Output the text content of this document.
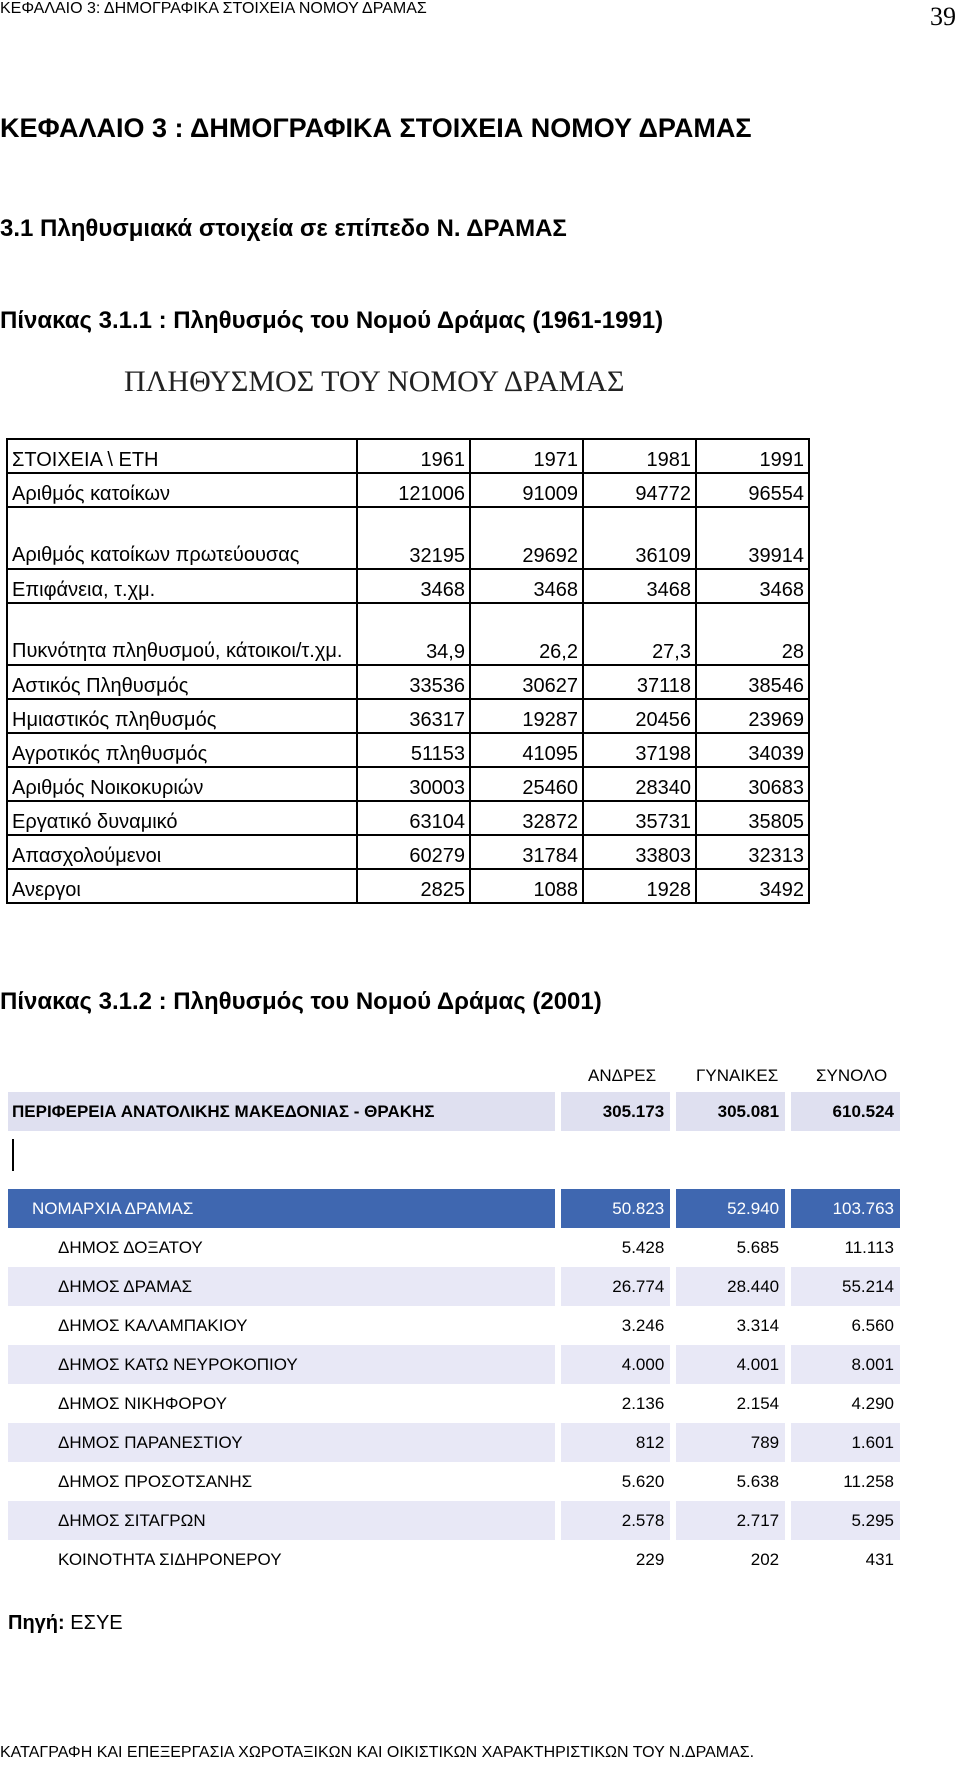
ΚΕΦΑΛΑΙΟ 3: ΔΗΜΟΓΡΑΦΙΚΑ ΣΤΟΙΧΕΙΑ ΝΟΜΟΥ ΔΡΑΜΑΣ	39
ΚΕΦΑΛΑΙΟ 3 : ΔΗΜΟΓΡΑΦΙΚΑ ΣΤΟΙΧΕΙΑ ΝΟΜΟΥ ΔΡΑΜΑΣ
3.1 Πληθυσμιακά στοιχεία σε επίπεδο Ν. ΔΡΑΜΑΣ
Πίνακας 3.1.1 : Πληθυσμός του Νομού Δράμας (1961-1991)
ΠΛΗΘΥΣΜΟΣ ΤΟΥ ΝΟΜΟΥ ΔΡΑΜΑΣ
ΣΤΟΙΧΕΙΑ \ ΕΤΗ	1961	1971	1981	1991
Αριθμός κατοίκων	121006	91009	94772	96554
Αριθμός κατοίκων πρωτεύουσας	32195	29692	36109	39914
Επιφάνεια, τ.χμ.	3468	3468	3468	3468
Πυκνότητα πληθυσμού, κάτοικοι/τ.χμ.	34,9	26,2	27,3	28
Αστικός Πληθυσμός	33536	30627	37118	38546
Ημιαστικός πληθυσμός	36317	19287	20456	23969
Αγροτικός πληθυσμός	51153	41095	37198	34039
Αριθμός Νοικοκυριών	30003	25460	28340	30683
Εργατικό δυναμικό	63104	32872	35731	35805
Απασχολούμενοι	60279	31784	33803	32313
Ανεργοι	2825	1088	1928	3492
Πίνακας 3.1.2 : Πληθυσμός του Νομού Δράμας (2001)
ΑΝΔΡΕΣ ΓΥΝΑΙΚΕΣ ΣΥΝΟΛΟ
ΠΕΡΙΦΕΡΕΙΑ ΑΝΑΤΟΛΙΚΗΣ ΜΑΚΕΔΟΝΙΑΣ - ΘΡΑΚΗΣ	305.173	305.081	610.524
ΝΟΜΑΡΧΙΑ ΔΡΑΜΑΣ	50.823	52.940	103.763
ΔΗΜΟΣ ΔΟΞΑΤΟΥ	5.428	5.685	11.113
ΔΗΜΟΣ ΔΡΑΜΑΣ	26.774	28.440	55.214
ΔΗΜΟΣ ΚΑΛΑΜΠΑΚΙΟΥ	3.246	3.314	6.560
ΔΗΜΟΣ ΚΑΤΩ ΝΕΥΡΟΚΟΠΙΟΥ	4.000	4.001	8.001
ΔΗΜΟΣ ΝΙΚΗΦΟΡΟΥ	2.136	2.154	4.290
ΔΗΜΟΣ ΠΑΡΑΝΕΣΤΙΟΥ	812	789	1.601
ΔΗΜΟΣ ΠΡΟΣΟΤΣΑΝΗΣ	5.620	5.638	11.258
ΔΗΜΟΣ ΣΙΤΑΓΡΩΝ	2.578	2.717	5.295
ΚΟΙΝΟΤΗΤΑ ΣΙΔΗΡΟΝΕΡΟΥ	229	202	431
Πηγή: ΕΣΥΕ
ΚΑΤΑΓΡΑΦΗ ΚΑΙ ΕΠΕΞΕΡΓΑΣΙΑ ΧΩΡΟΤΑΞΙΚΩΝ ΚΑΙ ΟΙΚΙΣΤΙΚΩΝ ΧΑΡΑΚΤΗΡΙΣΤΙΚΩΝ ΤΟΥ Ν.ΔΡΑΜΑΣ.
